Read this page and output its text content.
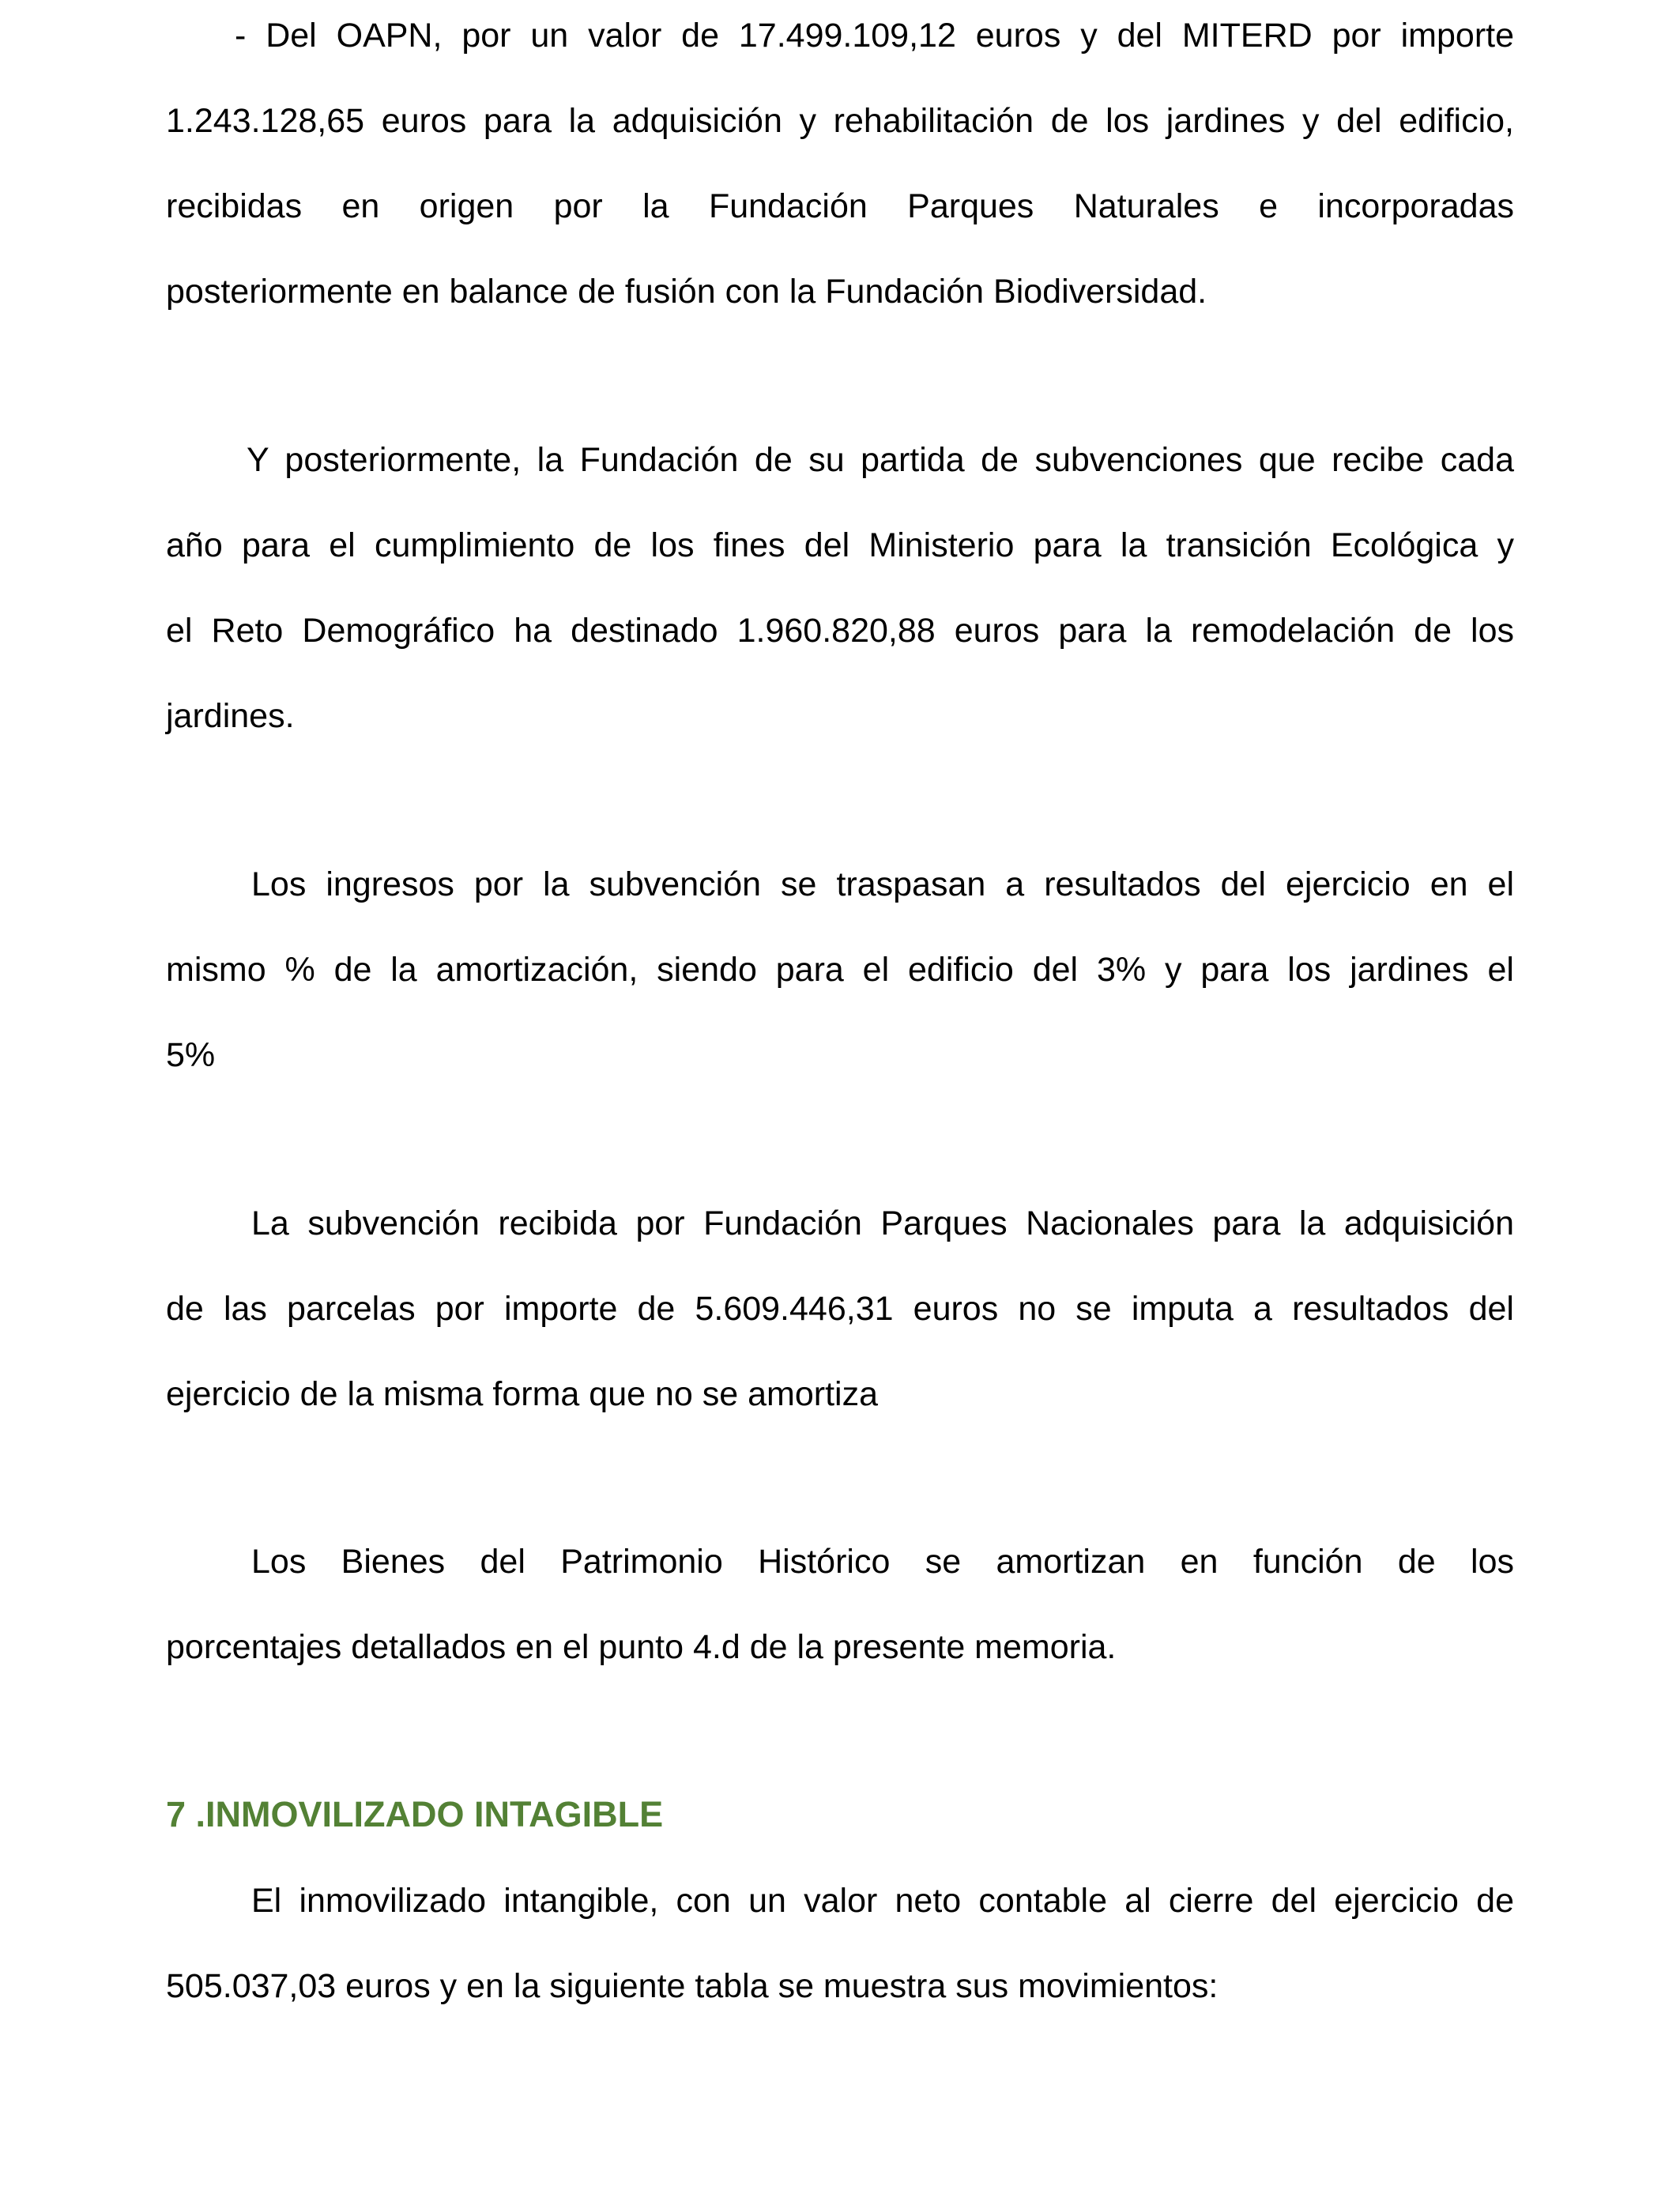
- Del OAPN, por un valor de 17.499.109,12 euros y del MITERD por importe
1.243.128,65 euros para la adquisición y rehabilitación de los jardines y del edificio,
recibidas en origen por la Fundación Parques Naturales e incorporadas
posteriormente en balance de fusión con la Fundación Biodiversidad.
Y posteriormente, la Fundación de su partida de subvenciones que recibe cada
año para el cumplimiento de los fines del Ministerio para la transición Ecológica y
el Reto Demográfico ha destinado 1.960.820,88 euros para la remodelación de los
jardines.
Los ingresos por la subvención se traspasan a resultados del ejercicio en el
mismo % de la amortización, siendo para el edificio del 3% y para los jardines el
5%
La subvención recibida por Fundación Parques Nacionales para la adquisición
de las parcelas por importe de 5.609.446,31 euros no se imputa a resultados del
ejercicio de la misma forma que no se amortiza
Los Bienes del Patrimonio Histórico se amortizan en función de los
porcentajes detallados en el punto 4.d de la presente memoria.
7 .INMOVILIZADO INTAGIBLE
El inmovilizado intangible, con un valor neto contable al cierre del ejercicio de
505.037,03 euros y en la siguiente tabla se muestra sus movimientos:
